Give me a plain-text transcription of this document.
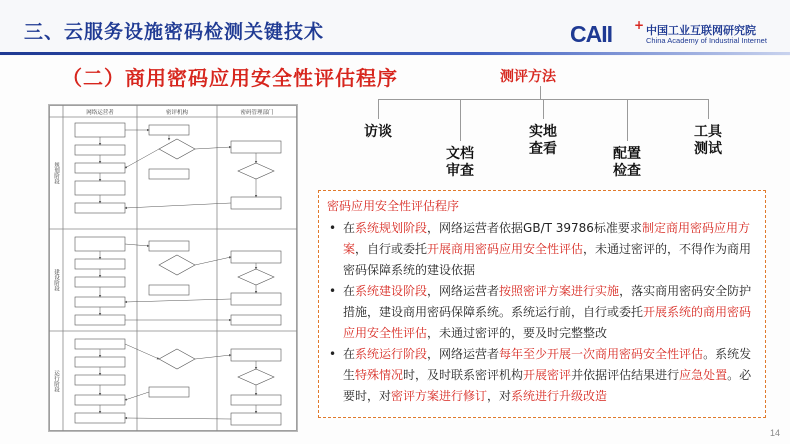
三、云服务设施密码检测关键技术	CAII + 中国工业互联网研究院
China Academy of Industrial Internet
（二）商用密码应用安全性评估程序
网络运营者	密评机构	密码管理部门
规划阶段
建设阶段
运行阶段
测评方法
访谈
文档
审查
实地
查看	配置
检查
工具
测试
密码应用安全性评估程序
• 在系统规划阶段，网络运营者依据GB/T 39786标准要求制定商用密码应用方案，自行或委托开展商用密码应用安全性评估，未通过密评的，不得作为商用密码保障系统的建设依据
• 在系统建设阶段，网络运营者按照密评方案进行实施，落实商用密码安全防护措施，建设商用密码保障系统。系统运行前，自行或委托开展系统的商用密码应用安全性评估，未通过密评的，要及时完整整改
• 在系统运行阶段，网络运营者每年至少开展一次商用密码安全性评估。系统发生特殊情况时，及时联系密评机构开展密评并依据评估结果进行应急处置。必要时，对密评方案进行修订，对系统进行升级改造
14
